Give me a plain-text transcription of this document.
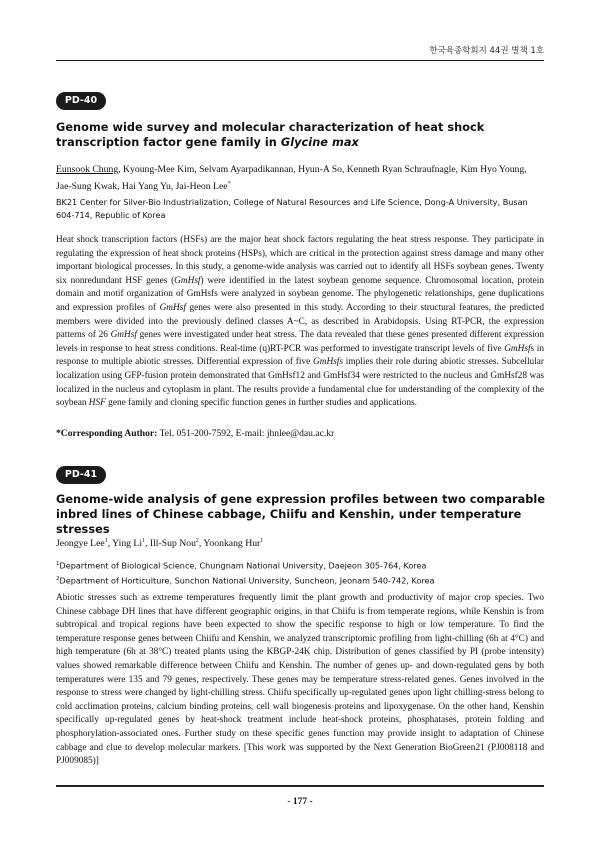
한국육종학회지 44권 별책 1호
PD-40
Genome wide survey and molecular characterization of heat shock transcription factor gene family in Glycine max
Eunsook Chung, Kyoung-Mee Kim, Selvam Ayarpadikannan, Hyun-A So, Kenneth Ryan Schraufnagle, Kim Hyo Young, Jae-Sung Kwak, Hai Yang Yu, Jai-Heon Lee*
BK21 Center for Silver-Bio Industrialization, College of Natural Resources and Life Science, Dong-A University, Busan 604-714, Republic of Korea
Heat shock transcription factors (HSFs) are the major heat shock factors regulating the heat stress response. They participate in regulating the expression of heat shock proteins (HSPs), which are critical in the protection against stress damage and many other important biological processes. In this study, a genome-wide analysis was carried out to identify all HSFs soybean genes. Twenty six nonredundant HSF genes (GmHsf) were identified in the latest soybean genome sequence. Chromosomal location, protein domain and motif organization of GmHsfs were analyzed in soybean genome. The phylogenetic relationships, gene duplications and expression profiles of GmHsf genes were also presented in this study. According to their structural features, the predicted members were divided into the previously defined classes A~C, as described in Arabidopsis. Using RT-PCR, the expression patterns of 26 GmHsf genes were investigated under heat stress. The data revealed that these genes presented different expression levels in response to heat stress conditions. Real-time (q)RT-PCR was performed to investigate transcript levels of five GmHsfs in response to multiple abiotic stresses. Differential expression of five GmHsfs implies their role during abiotic stresses. Subcellular localization using GFP-fusion protein demonstrated that GmHsf12 and GmHsf34 were restricted to the nucleus and GmHsf28 was localized in the nucleus and cytoplasm in plant. The results provide a fundamental clue for understanding of the complexity of the soybean HSF gene family and cloning specific function genes in further studies and applications.
*Corresponding Author: Tel. 051-200-7592, E-mail: jhnlee@dau.ac.kr
PD-41
Genome-wide analysis of gene expression profiles between two comparable
inbred lines of Chinese cabbage, Chiifu and Kenshin, under temperature stresses
Jeongye Lee$^1$, Ying Li$^1$, Ill-Sup Nou$^2$, Yoonkang Hur$^1$
$^1$Department of Biological Science, Chungnam National University, Daejeon 305-764, Korea
$^2$Department of Horticulture, Sunchon National University, Suncheon, Jeonam 540-742, Korea
Abiotic stresses such as extreme temperatures frequently limit the plant growth and productivity of major crop species. Two Chinese cabbage DH lines that have different geographic origins, in that Chiifu is from temperate regions, while Kenshin is from subtropical and tropical regions have been expected to show the specific response to high or low temperature. To find the temperature response genes between Chiifu and Kenshin, we analyzed transcriptomic profiling from light-chilling (6h at 4°C) and high temperature (6h at 38°C) treated plants using the KBGP-24K chip. Distribution of genes classified by PI (probe intensity) values showed remarkable difference between Chiifu and Kenshin. The number of genes up- and down-regulated gens by both temperatures were 135 and 79 genes, respectively. These genes may be temperature stress-related genes. Genes involved in the response to stress were changed by light-chilling stress. Chiifu specifically up-regulated genes upon light chilling-stress belong to cold acclimation proteins, calcium binding proteins, cell wall biogenesis proteins and lipoxygenase. On the other hand, Kenshin specifically up-regulated genes by heat-shock treatment include heat-shock proteins, phosphatases, protein folding and phosphorylation-associated ones. Further study on these specific genes function may provide insight to adaptation of Chinese cabbage and clue to develop molecular markers. [This work was supported by the Next Generation BioGreen21 (PJ008118 and PJ009085)]
- 177 -
